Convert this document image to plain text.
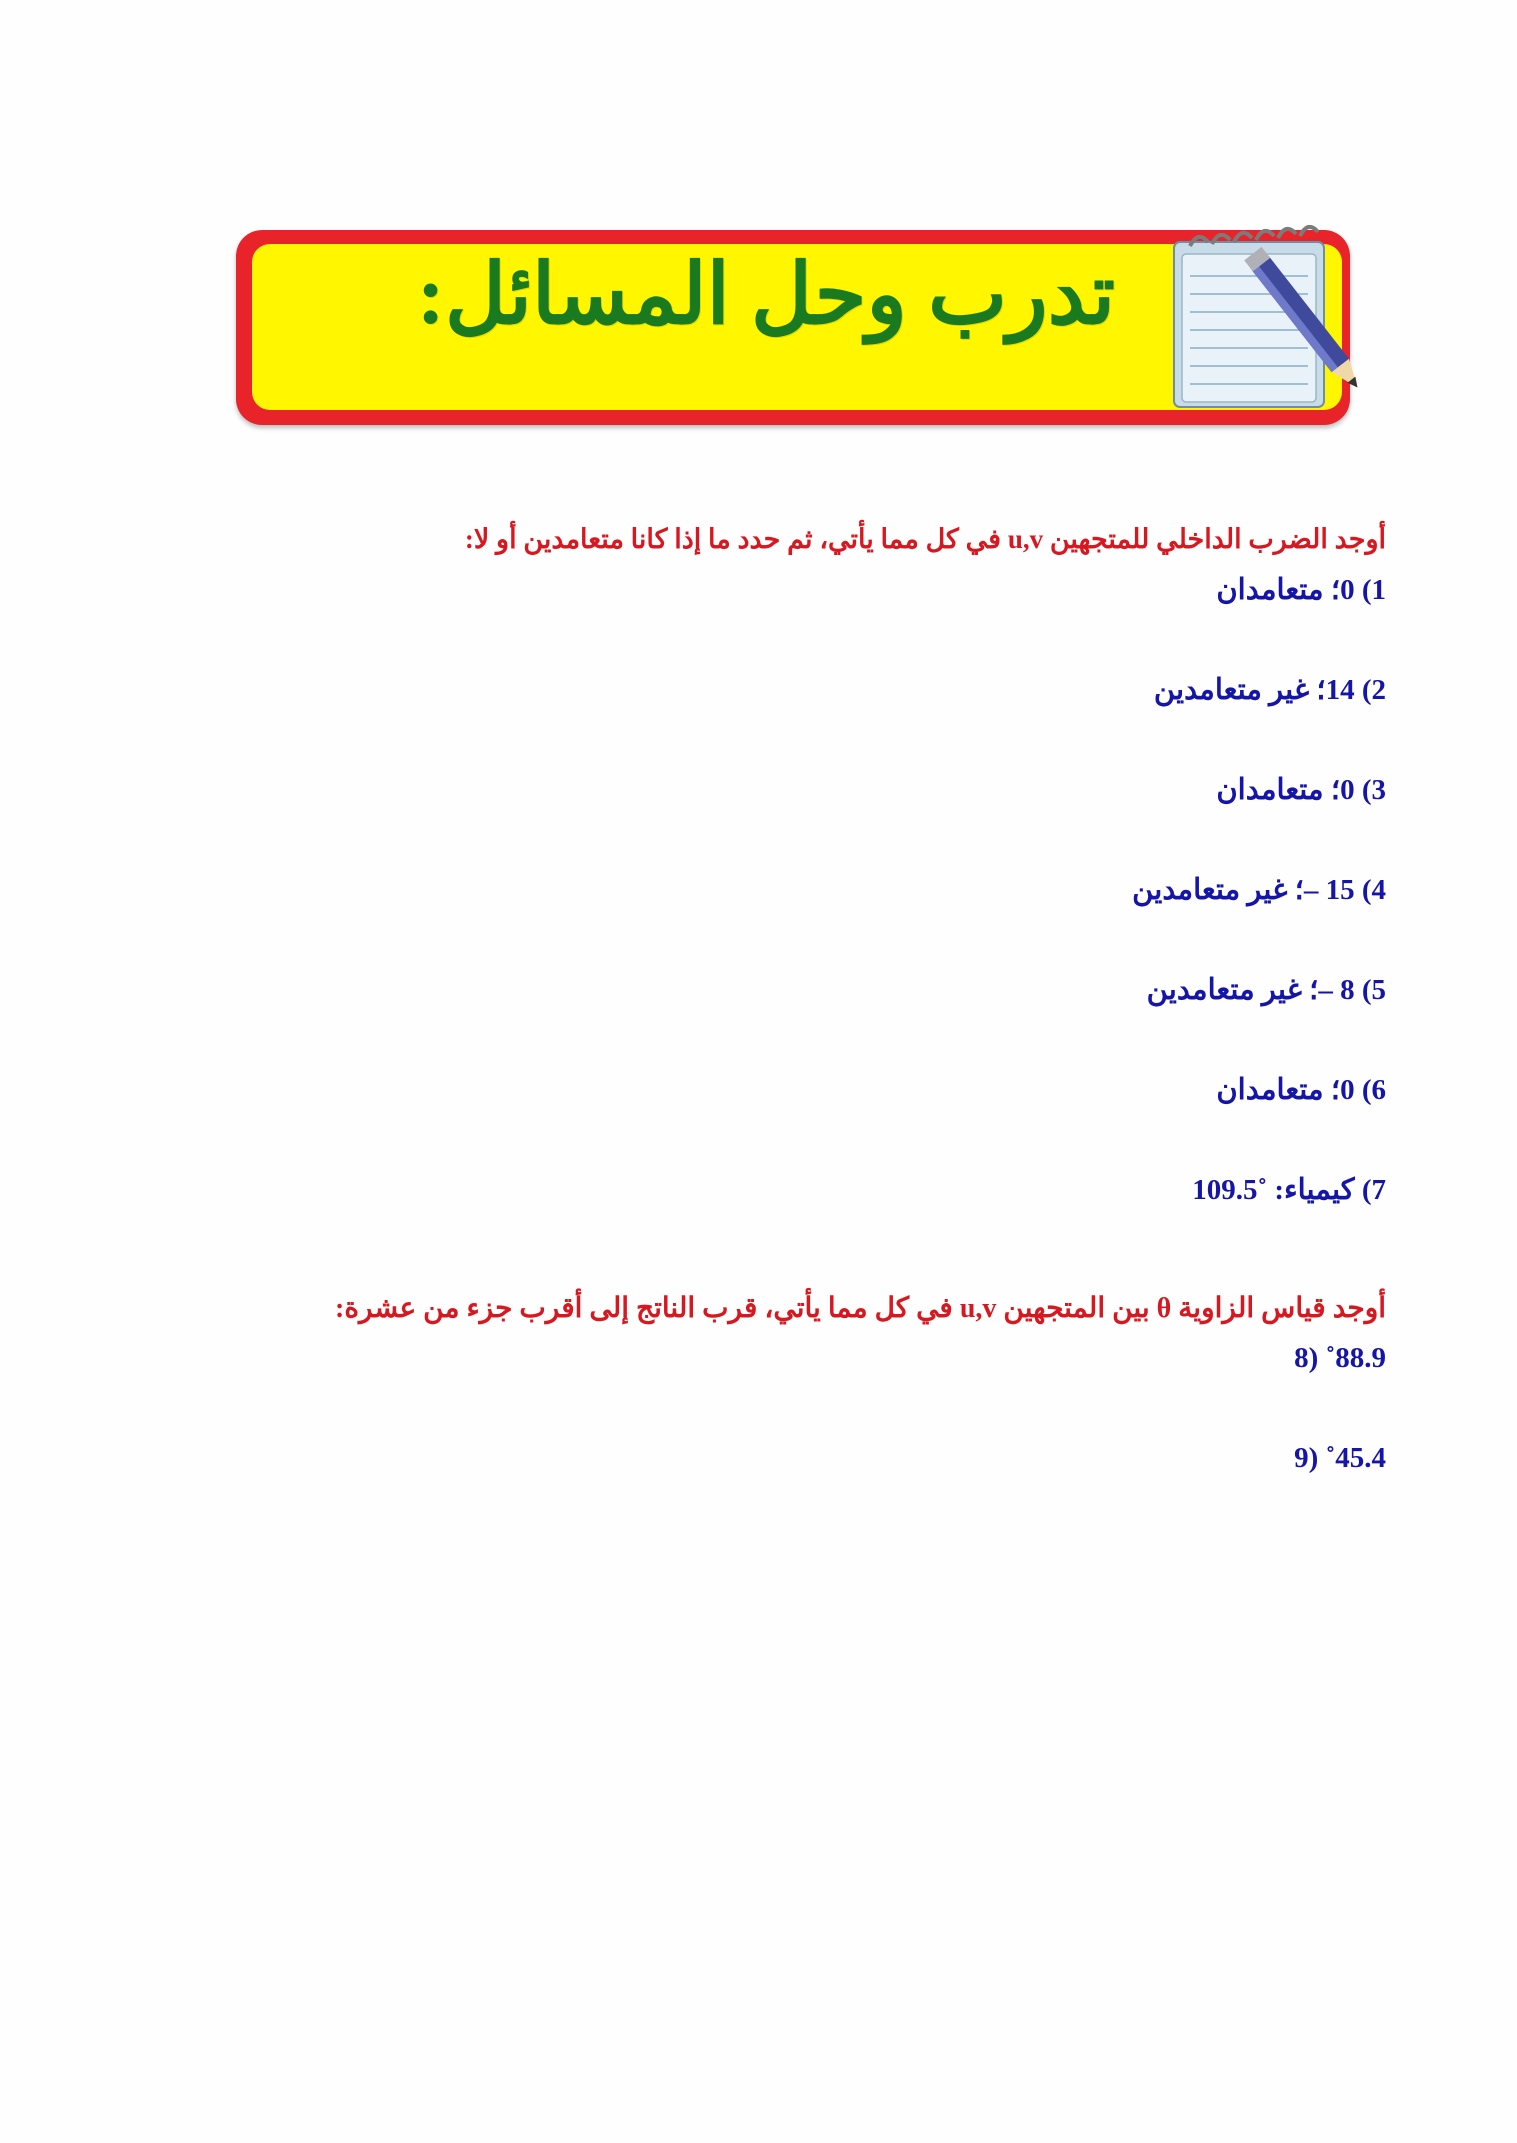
تدرب وحل المسائل:

أوجد الضرب الداخلي للمتجهين u,v في كل مما يأتي، ثم حدد ما إذا كانا متعامدين أو لا:

1) 0؛ متعامدان
2) 14؛ غير متعامدين
3) 0؛ متعامدان
4) 15 –؛ غير متعامدين
5) 8 –؛ غير متعامدين
6) 0؛ متعامدان
7) كيمياء: ˚109.5

أوجد قياس الزاوية θ بين المتجهين u,v في كل مما يأتي، قرب الناتج إلى أقرب جزء من عشرة:

88.9˚ (8
45.4˚ (9
